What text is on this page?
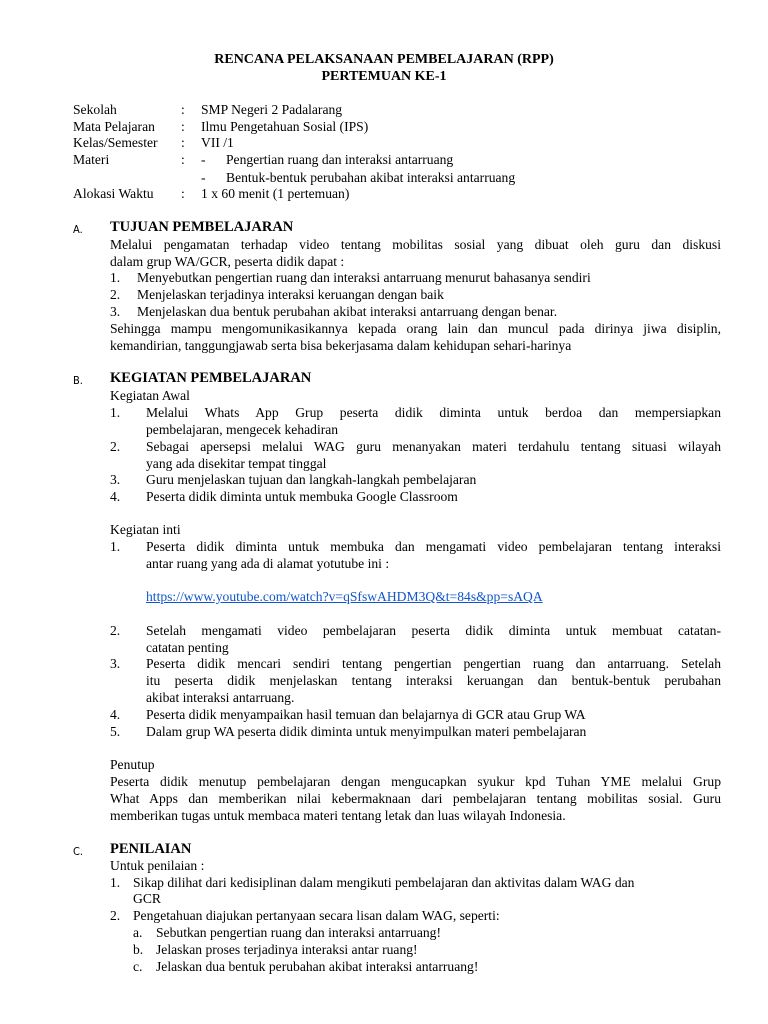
RENCANA PELAKSANAAN PEMBELAJARAN (RPP)
PERTEMUAN KE-1
Sekolah	: SMP Negeri 2 Padalarang
Mata Pelajaran : Ilmu Pengetahuan Sosial (IPS)
Kelas/Semester : VII /1
Materi	: - Pengertian ruang dan interaksi antarruang
- Bentuk-bentuk perubahan akibat interaksi antarruang
Alokasi Waktu : 1 x 60 menit (1 pertemuan)
A. TUJUAN PEMBELAJARAN
Melalui pengamatan terhadap video tentang mobilitas sosial yang dibuat oleh guru dan diskusi
dalam grup WA/GCR, peserta didik dapat :
1. Menyebutkan pengertian ruang dan interaksi antarruang menurut bahasanya sendiri
2. Menjelaskan terjadinya interaksi keruangan dengan baik
3. Menjelaskan dua bentuk perubahan akibat interaksi antarruang dengan benar.
Sehingga mampu mengomunikasikannya kepada orang lain dan muncul pada dirinya jiwa disiplin,
kemandirian, tanggungjawab serta bisa bekerjasama dalam kehidupan sehari-harinya
B. KEGIATAN PEMBELAJARAN
Kegiatan Awal
1. Melalui Whats App Grup peserta didik diminta untuk berdoa dan mempersiapkan
pembelajaran, mengecek kehadiran
2. Sebagai apersepsi melalui WAG guru menanyakan materi terdahulu tentang situasi wilayah
yang ada disekitar tempat tinggal
3. Guru menjelaskan tujuan dan langkah-langkah pembelajaran
4. Peserta didik diminta untuk membuka Google Classroom
Kegiatan inti
1. Peserta didik diminta untuk membuka dan mengamati video pembelajaran tentang interaksi
antar ruang yang ada di alamat yotutube ini :
https://www.youtube.com/watch?v=qSfswAHDM3Q&t=84s&pp=sAQA
2. Setelah mengamati video pembelajaran peserta didik diminta untuk membuat catatan-
catatan penting
3. Peserta didik mencari sendiri tentang pengertian pengertian ruang dan antarruang. Setelah
itu peserta didik menjelaskan tentang interaksi keruangan dan bentuk-bentuk perubahan
akibat interaksi antarruang.
4. Peserta didik menyampaikan hasil temuan dan belajarnya di GCR atau Grup WA
5. Dalam grup WA peserta didik diminta untuk menyimpulkan materi pembelajaran
Penutup
Peserta didik menutup pembelajaran dengan mengucapkan syukur kpd Tuhan YME melalui Grup
What Apps dan memberikan nilai kebermaknaan dari pembelajaran tentang mobilitas sosial. Guru
memberikan tugas untuk membaca materi tentang letak dan luas wilayah Indonesia.
C. PENILAIAN
Untuk penilaian :
1. Sikap dilihat dari kedisiplinan dalam mengikuti pembelajaran dan aktivitas dalam WAG dan
GCR
2. Pengetahuan diajukan pertanyaan secara lisan dalam WAG, seperti:
a. Sebutkan pengertian ruang dan interaksi antarruang!
b. Jelaskan proses terjadinya interaksi antar ruang!
c. Jelaskan dua bentuk perubahan akibat interaksi antarruang!
